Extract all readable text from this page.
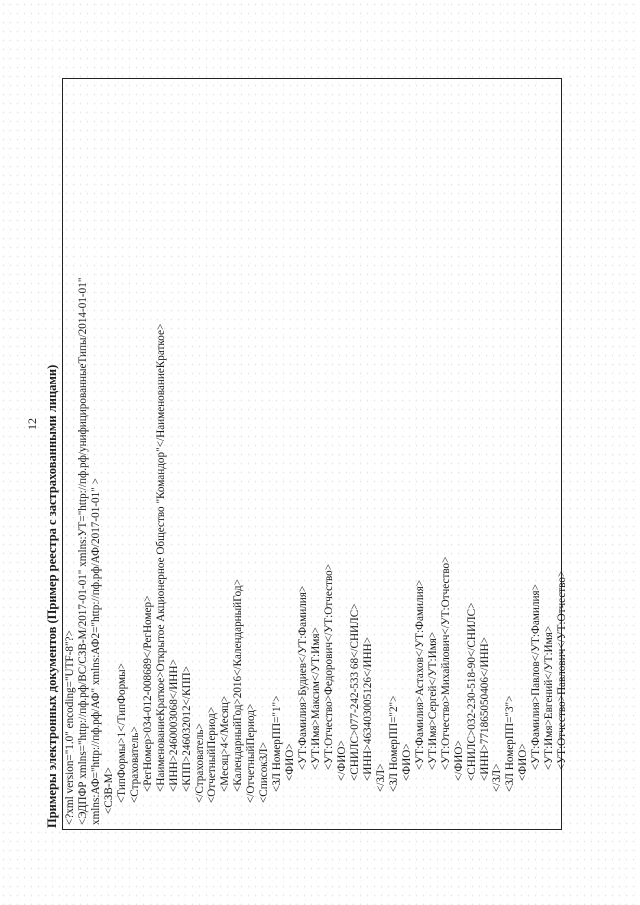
12 Примеры электронных документов (Пример реестра с застрахованными лицами) <?xml version="1.0" encoding="UTF-8"?> <ЭДПФР xmlns="http://пф.рф/ВС/СЗВ-М/2017-01-01" xmlns:УТ="http://пф.рф/унифицированныеТипы/2014-01-01" xmlns:АФ="http://пф.рф/АФ" xmlns:АФ2="http://пф.рф/АФ/2017-01-01" > <СЗВ-М> <ТипФормы>1</ТипФормы> <Страхователь> <РегНомер>034-012-008689</РегНомер> <НаименованиеКраткое>Открытое Акционерное Общество "Командор"</НаименованиеКраткое> <ИНН>2460003068</ИНН> <КПП>246032012</КПП> </Страхователь> <ОтчетныйПериод> <Месяц>4</Месяц> <КалендарныйГод>2016</КалендарныйГод> </ОтчетныйПериод> <СписокЗЛ> <ЗЛ НомерПП="1"> <ФИО> <УТ:Фамилия>Будиев</УТ:Фамилия> <УТ:Имя>Максим</УТ:Имя> <УТ:Отчество>Федорович</УТ:Отчество> </ФИО> <СНИЛС>077-242-533 68</СНИЛС> <ИНН>463403005126</ИНН> </ЗЛ> <ЗЛ НомерПП="2"> <ФИО> <УТ:Фамилия>Астахов</УТ:Фамилия> <УТ:Имя>Сергей</УТ:Имя> <УТ:Отчество>Михайлович</УТ:Отчество> </ФИО> <СНИЛС>032-230-518-90</СНИЛС> <ИНН>771865050406</ИНН> </ЗЛ> <ЗЛ НомерПП="3"> <ФИО> <УТ:Фамилия>Павлов</УТ:Фамилия> <УТ:Имя>Евгений</УТ:Имя> <УТ:Отчество>Павлович</УТ:Отчество>
